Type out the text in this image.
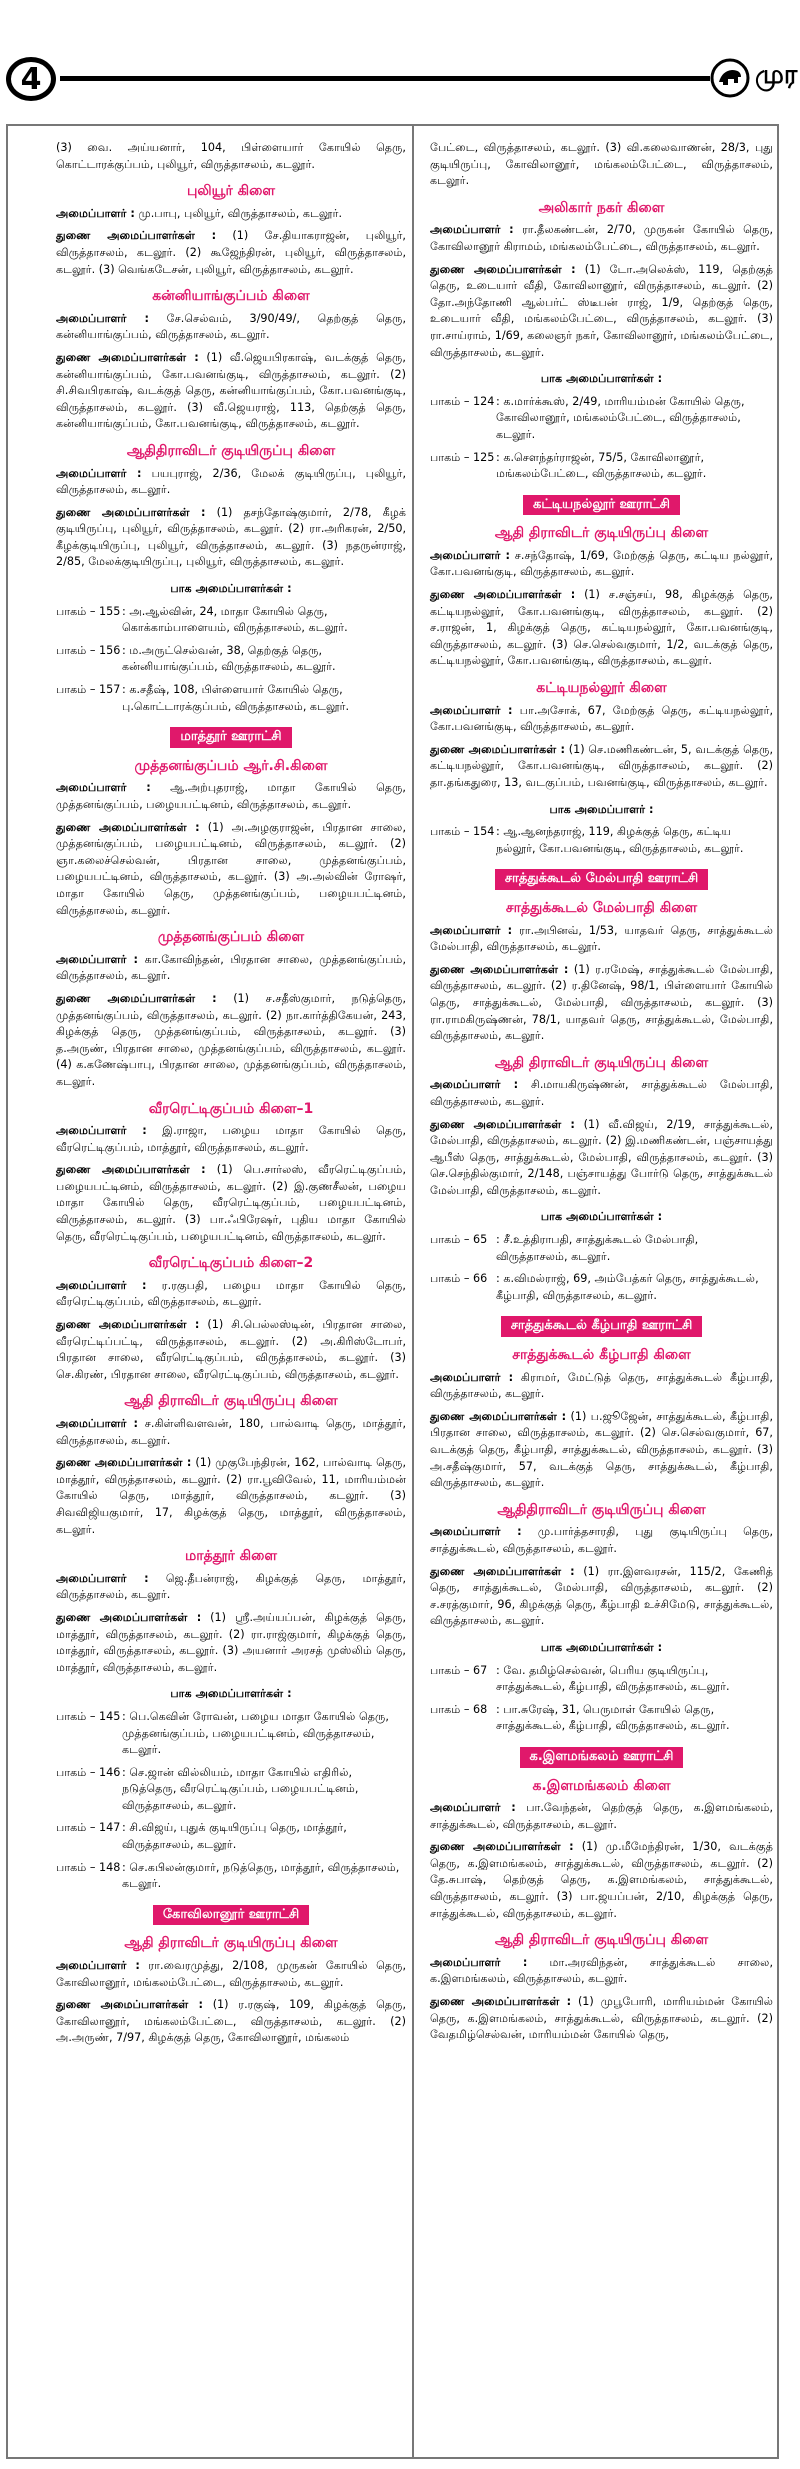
4	முர

(3) வை. அய்யனார், 104, பிள்ளையார் கோயில் தெரு, கொட்டாரக்குப்பம், புலியூர், விருத்தாசலம், கடலூர்.

புலியூர் கிளை

அமைப்பாளர் : மு.பாபு, புலியூர், விருத்தாசலம், கடலூர்.

துணை அமைப்பாளர்கள் : (1) சே.தியாகராஜன், புலியூர், விருத்தாசலம், கடலூர். (2) கூஜேந்திரன், புலியூர், விருத்தாசலம், கடலூர். (3) வெங்கடேசன், புலியூர், விருத்தாசலம், கடலூர்.

கன்னியாங்குப்பம் கிளை

அமைப்பாளர் : சே.செல்வம், 3/90/49/, தெற்குத் தெரு, கன்னியாங்குப்பம், விருத்தாசலம், கடலூர்.

துணை அமைப்பாளர்கள் : (1) வீ.ஜெயபிரகாஷ், வடக்குத் தெரு, கன்னியாங்குப்பம், கோ.பவனங்குடி, விருத்தாசலம், கடலூர். (2) சி.சிவபிரகாஷ், வடக்குத் தெரு, கன்னியாங்குப்பம், கோ.பவனங்குடி, விருத்தாசலம், கடலூர். (3) வீ.ஜெயராஜ், 113, தெற்குத் தெரு, கன்னியாங்குப்பம், கோ.பவனங்குடி, விருத்தாசலம், கடலூர்.

ஆதிதிராவிடர் குடியிருப்பு கிளை

அமைப்பாளர் : பயபுராஜ், 2/36, மேலக் குடியிருப்பு, புலியூர், விருத்தாசலம், கடலூர்.

துணை அமைப்பாளர்கள் : (1) தசந்தோஷ்குமார், 2/78, கீழக் குடியிருப்பு, புலியூர், விருத்தாசலம், கடலூர். (2) ரா.அரிகரன், 2/50, கீழக்குடியிருப்பு, புலியூர், விருத்தாசலம், கடலூர். (3) நதருன்ராஜ், 2/85, மேலக்குடியிருப்பு, புலியூர், விருத்தாசலம், கடலூர்.

பாக அமைப்பாளர்கள் :
பாகம் – 155 : அ.ஆல்வின், 24, மாதா கோயில் தெரு, கொக்காம்பாளையம், விருத்தாசலம், கடலூர்.
பாகம் – 156 : ம.அருட்செல்வன், 38, தெற்குத் தெரு, கன்னியாங்குப்பம், விருத்தாசலம், கடலூர்.
பாகம் – 157 : க.சதீஷ், 108, பிள்ளையார் கோயில் தெரு, பு.கொட்டாரக்குப்பம், விருத்தாசலம், கடலூர்.
மாத்தூர் ஊராட்சி
முத்தனங்குப்பம் ஆர்.சி.கிளை

அமைப்பாளர் : ஆ.அற்புதராஜ், மாதா கோயில் தெரு, முத்தனங்குப்பம், பழையபட்டினம், விருத்தாசலம், கடலூர்.

துணை அமைப்பாளர்கள் : (1) அ.அழகுராஜன், பிரதான சாலை, முத்தனங்குப்பம், பழையபட்டினம், விருத்தாசலம், கடலூர். (2) ஞா.கலைச்செல்வன், பிரதான சாலை, முத்தனங்குப்பம், பழையபட்டினம், விருத்தாசலம், கடலூர். (3) அ.அல்வின் ரோஷர், மாதா கோயில் தெரு, முத்தனங்குப்பம், பழையபட்டினம், விருத்தாசலம், கடலூர்.

முத்தனங்குப்பம் கிளை

அமைப்பாளர் : கா.கோவிந்தன், பிரதான சாலை, முத்தனங்குப்பம், விருத்தாசலம், கடலூர்.

துணை அமைப்பாளர்கள் : (1) ச.சதீஸ்குமார், நடுத்தெரு, முத்தனங்குப்பம், விருத்தாசலம், கடலூர். (2) நா.கார்த்திகேயன், 243, கிழக்குத் தெரு, முத்தனங்குப்பம், விருத்தாசலம், கடலூர். (3) த.அருண், பிரதான சாலை, முத்தனங்குப்பம், விருத்தாசலம், கடலூர். (4) க.கணேஷ்பாபு, பிரதான சாலை, முத்தனங்குப்பம், விருத்தாசலம், கடலூர்.

வீரரெட்டிகுப்பம் கிளை–1

அமைப்பாளர் : இ.ராஜா, பழைய மாதா கோயில் தெரு, வீரரெட்டிகுப்பம், மாத்தூர், விருத்தாசலம், கடலூர்.

துணை அமைப்பாளர்கள் : (1) பெ.சார்லஸ், வீரரெட்டிகுப்பம், பழையபட்டினம், விருத்தாசலம், கடலூர். (2) இ.குணசீலன், பழைய மாதா கோயில் தெரு, வீரரெட்டிகுப்பம், பழையபட்டினம், விருத்தாசலம், கடலூர். (3) பா.ஃபிரேஷர், புதிய மாதா கோயில் தெரு, வீரரெட்டிகுப்பம், பழையபட்டினம், விருத்தாசலம், கடலூர்.

வீரரெட்டிகுப்பம் கிளை–2

அமைப்பாளர் : ர.ரகுபதி, பழைய மாதா கோயில் தெரு, வீரரெட்டிகுப்பம், விருத்தாசலம், கடலூர்.

துணை அமைப்பாளர்கள் : (1) சி.பெல்லஸ்டின், பிரதான சாலை, வீரரெட்டிப்பட்டி, விருத்தாசலம், கடலூர். (2) அ.கிரிஸ்டோபர், பிரதான சாலை, வீரரெட்டிகுப்பம், விருத்தாசலம், கடலூர். (3) செ.கிரண், பிரதான சாலை, வீரரெட்டிகுப்பம், விருத்தாசலம், கடலூர்.

ஆதி திராவிடர் குடியிருப்பு கிளை

அமைப்பாளர் : ச.கிள்ளிவளவன், 180, பால்வாடி தெரு, மாத்தூர், விருத்தாசலம், கடலூர்.

துணை அமைப்பாளர்கள் : (1) முகுபேந்திரன், 162, பால்வாடி தெரு, மாத்தூர், விருத்தாசலம், கடலூர். (2) ரா.பூவிவேல், 11, மாரியம்மன் கோயில் தெரு, மாத்தூர், விருத்தாசலம், கடலூர். (3) சிவவிஜியகுமார், 17, கிழக்குத் தெரு, மாத்தூர், விருத்தாசலம், கடலூர்.

மாத்தூர் கிளை

அமைப்பாளர் : ஜெ.தீபன்ராஜ், கிழக்குத் தெரு, மாத்தூர், விருத்தாசலம், கடலூர்.

துணை அமைப்பாளர்கள் : (1) ஸ்ரீ.அய்யப்பன், கிழக்குத் தெரு, மாத்தூர், விருத்தாசலம், கடலூர். (2) ரா.ராஜ்குமார், கிழக்குத் தெரு, மாத்தூர், விருத்தாசலம், கடலூர். (3) அயனார் அரசத் முஸ்லிம் தெரு, மாத்தூர், விருத்தாசலம், கடலூர்.

பாக அமைப்பாளர்கள் :
பாகம் – 145 : பெ.கெவின் ரோவன், பழைய மாதா கோயில் தெரு, முத்தனங்குப்பம், பழையபட்டினம், விருத்தாசலம், கடலூர்.
பாகம் – 146 : செ.ஜான் வில்லியம், மாதா கோயில் எதிரில், நடுத்தெரு, வீரரெட்டிகுப்பம், பழையபட்டினம், விருத்தாசலம், கடலூர்.
பாகம் – 147 : சி.விஜய், புதுக் குடியிருப்பு தெரு, மாத்தூர், விருத்தாசலம், கடலூர்.
பாகம் – 148 : செ.கபிலன்குமார், நடுத்தெரு, மாத்தூர், விருத்தாசலம், கடலூர்.
கோவிலானூர் ஊராட்சி
ஆதி திராவிடர் குடியிருப்பு கிளை

அமைப்பாளர் : ரா.வைரமுத்து, 2/108, முருகன் கோயில் தெரு, கோவிலானூர், மங்கலம்பேட்டை, விருத்தாசலம், கடலூர்.

துணை அமைப்பாளர்கள் : (1) ர.ரகுஷ், 109, கிழக்குத் தெரு, கோவிலானூர், மங்கலம்பேட்டை, விருத்தாசலம், கடலூர். (2) அ.அருண், 7/97, கிழக்குத் தெரு, கோவிலானூர், மங்கலம்

பேட்டை, விருத்தாசலம், கடலூர். (3) வி.கலைவாணன், 28/3, புது குடியிருப்பு, கோவிலானூர், மங்கலம்பேட்டை, விருத்தாசலம், கடலூர்.

அலிகார் நகர் கிளை

அமைப்பாளர் : ரா.தீலகண்டன், 2/70, முருகன் கோயில் தெரு, கோவிலானூர் கிராமம், மங்கலம்பேட்டை, விருத்தாசலம், கடலூர்.

துணை அமைப்பாளர்கள் : (1) டோ.அலெக்ஸ், 119, தெற்குத் தெரு, உடையார் வீதி, கோவிலானூர், விருத்தாசலம், கடலூர். (2) தோ.அந்தோணி ஆல்பர்ட் ஸ்டீபன் ராஜ், 1/9, தெற்குத் தெரு, உடையார் வீதி, மங்கலம்பேட்டை, விருத்தாசலம், கடலூர். (3) ரா.சாய்ராம், 1/69, கலைஞர் நகர், கோவிலானூர், மங்கலம்பேட்டை, விருத்தாசலம், கடலூர்.

பாக அமைப்பாளர்கள் :
பாகம் – 124 : க.மார்க்கூஸ், 2/49, மாரியம்மன் கோயில் தெரு, கோவிலானூர், மங்கலம்பேட்டை, விருத்தாசலம், கடலூர்.
பாகம் – 125 : க.சௌந்தர்ராஜன், 75/5, கோவிலானூர், மங்கலம்பேட்டை, விருத்தாசலம், கடலூர்.
கட்டியநல்லூர் ஊராட்சி
ஆதி திராவிடர் குடியிருப்பு கிளை

அமைப்பாளர் : ச.சந்தோஷ், 1/69, மேற்குத் தெரு, கட்டிய நல்லூர், கோ.பவனங்குடி, விருத்தாசலம், கடலூர்.

துணை அமைப்பாளர்கள் : (1) ச.சஞ்சய், 98, கிழக்குத் தெரு, கட்டியநல்லூர், கோ.பவனங்குடி, விருத்தாசலம், கடலூர். (2) ச.ராஜன், 1, கிழக்குத் தெரு, கட்டியநல்லூர், கோ.பவனங்குடி, விருத்தாசலம், கடலூர். (3) செ.செல்வகுமார், 1/2, வடக்குத் தெரு, கட்டியநல்லூர், கோ.பவனங்குடி, விருத்தாசலம், கடலூர்.

கட்டியநல்லூர் கிளை

அமைப்பாளர் : பா.அசோக், 67, மேற்குத் தெரு, கட்டியநல்லூர், கோ.பவனங்குடி, விருத்தாசலம், கடலூர்.

துணை அமைப்பாளர்கள் : (1) செ.மணிகண்டன், 5, வடக்குத் தெரு, கட்டியநல்லூர், கோ.பவனங்குடி, விருத்தாசலம், கடலூர். (2) தா.தங்கதுரை, 13, வடகுப்பம், பவனங்குடி, விருத்தாசலம், கடலூர்.

பாக அமைப்பாளர் :
பாகம் – 154 : ஆ.ஆனந்தராஜ், 119, கிழக்குத் தெரு, கட்டிய நல்லூர், கோ.பவனங்குடி, விருத்தாசலம், கடலூர்.
சாத்துக்கூடல் மேல்பாதி ஊராட்சி
சாத்துக்கூடல் மேல்பாதி கிளை

அமைப்பாளர் : ரா.அபினவ், 1/53, யாதவர் தெரு, சாத்துக்கூடல் மேல்பாதி, விருத்தாசலம், கடலூர்.

துணை அமைப்பாளர்கள் : (1) ர.ரமேஷ், சாத்துக்கூடல் மேல்பாதி, விருத்தாசலம், கடலூர். (2) ர.தினேஷ், 98/1, பிள்ளையார் கோயில் தெரு, சாத்துக்கூடல், மேல்பாதி, விருத்தாசலம், கடலூர். (3) ரா.ராமகிருஷ்ணன், 78/1, யாதவர் தெரு, சாத்துக்கூடல், மேல்பாதி, விருத்தாசலம், கடலூர்.

ஆதி திராவிடர் குடியிருப்பு கிளை

அமைப்பாளர் : சி.மாயகிருஷ்ணன், சாத்துக்கூடல் மேல்பாதி, விருத்தாசலம், கடலூர்.

துணை அமைப்பாளர்கள் : (1) வீ.விஜய், 2/19, சாத்துக்கூடல், மேல்பாதி, விருத்தாசலம், கடலூர். (2) இ.மணிகண்டன், பஞ்சாயத்து ஆபீஸ் தெரு, சாத்துக்கூடல், மேல்பாதி, விருத்தாசலம், கடலூர். (3) செ.செந்தில்குமார், 2/148, பஞ்சாயத்து போர்டு தெரு, சாத்துக்கூடல் மேல்பாதி, விருத்தாசலம், கடலூர்.

பாக அமைப்பாளர்கள் :
பாகம் – 65 : சீ.உத்திராபதி, சாத்துக்கூடல் மேல்பாதி, விருத்தாசலம், கடலூர்.
பாகம் – 66 : க.விமல்ராஜ், 69, அம்பேத்கர் தெரு, சாத்துக்கூடல், கீழ்பாதி, விருத்தாசலம், கடலூர்.
சாத்துக்கூடல் கீழ்பாதி ஊராட்சி
சாத்துக்கூடல் கீழ்பாதி கிளை

அமைப்பாளர் : கிராமர், மேட்டுத் தெரு, சாத்துக்கூடல் கீழ்பாதி, விருத்தாசலம், கடலூர்.

துணை அமைப்பாளர்கள் : (1) ப.ஜூஜேன், சாத்துக்கூடல், கீழ்பாதி, பிரதான சாலை, விருத்தாசலம், கடலூர். (2) செ.செல்வகுமார், 67, வடக்குத் தெரு, கீழ்பாதி, சாத்துக்கூடல், விருத்தாசலம், கடலூர். (3) அ.சதீஷ்குமார், 57, வடக்குத் தெரு, சாத்துக்கூடல், கீழ்பாதி, விருத்தாசலம், கடலூர்.

ஆதிதிராவிடர் குடியிருப்பு கிளை

அமைப்பாளர் : மு.பார்த்தசாரதி, புது குடியிருப்பு தெரு, சாத்துக்கூடல், விருத்தாசலம், கடலூர்.

துணை அமைப்பாளர்கள் : (1) ரா.இளவரசன், 115/2, கேணித் தெரு, சாத்துக்கூடல், மேல்பாதி, விருத்தாசலம், கடலூர். (2) ச.சரத்குமார், 96, கிழக்குத் தெரு, கீழ்பாதி உச்சிமேடு, சாத்துக்கூடல், விருத்தாசலம், கடலூர்.

பாக அமைப்பாளர்கள் :
பாகம் – 67 : வே. தமிழ்செல்வன், பெரிய குடியிருப்பு, சாத்துக்கூடல், கீழ்பாதி, விருத்தாசலம், கடலூர்.
பாகம் – 68 : பா.சுரேஷ், 31, பெருமாள் கோயில் தெரு, சாத்துக்கூடல், கீழ்பாதி, விருத்தாசலம், கடலூர்.
க.இளமங்கலம் ஊராட்சி
க.இளமங்கலம் கிளை

அமைப்பாளர் : பா.வேந்தன், தெற்குத் தெரு, க.இளமங்கலம், சாத்துக்கூடல், விருத்தாசலம், கடலூர்.

துணை அமைப்பாளர்கள் : (1) மு.மீமேந்திரன், 1/30, வடக்குத் தெரு, க.இளமங்கலம், சாத்துக்கூடல், விருத்தாசலம், கடலூர். (2) தே.சுபாஷ், தெற்குத் தெரு, க.இளமங்கலம், சாத்துக்கூடல், விருத்தாசலம், கடலூர். (3) பா.ஜயப்பன், 2/10, கிழக்குத் தெரு, சாத்துக்கூடல், விருத்தாசலம், கடலூர்.

ஆதி திராவிடர் குடியிருப்பு கிளை

அமைப்பாளர் : மா.அரவிந்தன், சாத்துக்கூடல் சாலை, க.இளமங்கலம், விருத்தாசலம், கடலூர்.

துணை அமைப்பாளர்கள் : (1) முபூபோரி, மாரியம்மன் கோயில் தெரு, க.இளமங்கலம், சாத்துக்கூடல், விருத்தாசலம், கடலூர். (2) வேதமிழ்செல்வன், மாரியம்மன் கோயில் தெரு,
